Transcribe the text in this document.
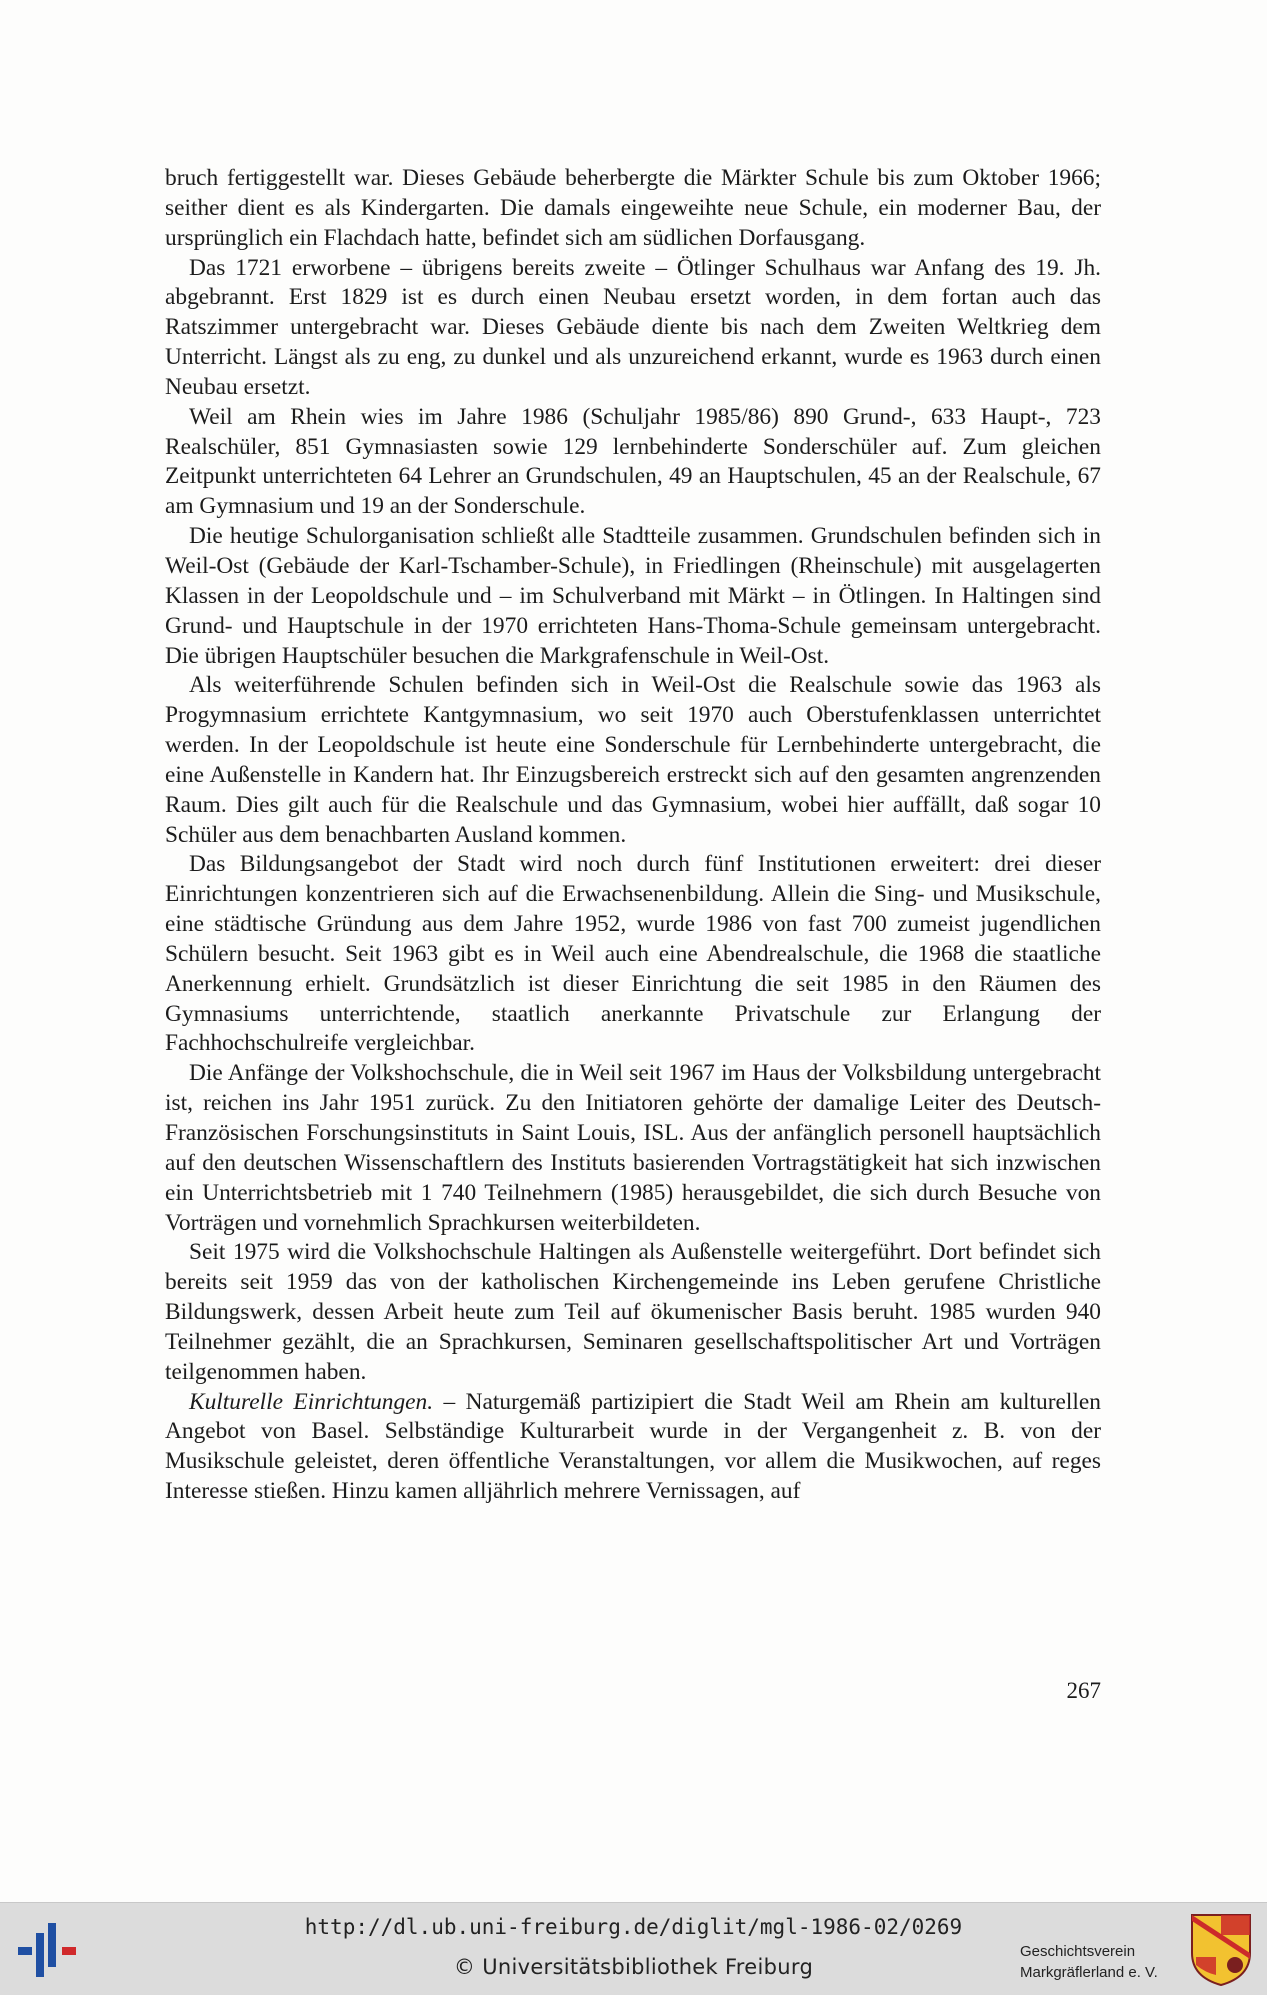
bruch fertiggestellt war. Dieses Gebäude beherbergte die Märkter Schule bis zum Oktober 1966; seither dient es als Kindergarten. Die damals eingeweihte neue Schule, ein moderner Bau, der ursprünglich ein Flachdach hatte, befindet sich am südlichen Dorfausgang.

Das 1721 erworbene – übrigens bereits zweite – Ötlinger Schulhaus war Anfang des 19. Jh. abgebrannt. Erst 1829 ist es durch einen Neubau ersetzt worden, in dem fortan auch das Ratszimmer untergebracht war. Dieses Gebäude diente bis nach dem Zweiten Weltkrieg dem Unterricht. Längst als zu eng, zu dunkel und als unzureichend erkannt, wurde es 1963 durch einen Neubau ersetzt.

Weil am Rhein wies im Jahre 1986 (Schuljahr 1985/86) 890 Grund-, 633 Haupt-, 723 Realschüler, 851 Gymnasiasten sowie 129 lernbehinderte Sonderschüler auf. Zum gleichen Zeitpunkt unterrichteten 64 Lehrer an Grundschulen, 49 an Hauptschulen, 45 an der Realschule, 67 am Gymnasium und 19 an der Sonderschule.

Die heutige Schulorganisation schließt alle Stadtteile zusammen. Grundschulen befinden sich in Weil-Ost (Gebäude der Karl-Tschamber-Schule), in Friedlingen (Rheinschule) mit ausgelagerten Klassen in der Leopoldschule und – im Schulverband mit Märkt – in Ötlingen. In Haltingen sind Grund- und Hauptschule in der 1970 errichteten Hans-Thoma-Schule gemeinsam untergebracht. Die übrigen Hauptschüler besuchen die Markgrafenschule in Weil-Ost.

Als weiterführende Schulen befinden sich in Weil-Ost die Realschule sowie das 1963 als Progymnasium errichtete Kantgymnasium, wo seit 1970 auch Oberstufenklassen unterrichtet werden. In der Leopoldschule ist heute eine Sonderschule für Lernbehinderte untergebracht, die eine Außenstelle in Kandern hat. Ihr Einzugsbereich erstreckt sich auf den gesamten angrenzenden Raum. Dies gilt auch für die Realschule und das Gymnasium, wobei hier auffällt, daß sogar 10 Schüler aus dem benachbarten Ausland kommen.

Das Bildungsangebot der Stadt wird noch durch fünf Institutionen erweitert: drei dieser Einrichtungen konzentrieren sich auf die Erwachsenenbildung. Allein die Sing- und Musikschule, eine städtische Gründung aus dem Jahre 1952, wurde 1986 von fast 700 zumeist jugendlichen Schülern besucht. Seit 1963 gibt es in Weil auch eine Abendrealschule, die 1968 die staatliche Anerkennung erhielt. Grundsätzlich ist dieser Einrichtung die seit 1985 in den Räumen des Gymnasiums unterrichtende, staatlich anerkannte Privatschule zur Erlangung der Fachhochschulreife vergleichbar.

Die Anfänge der Volkshochschule, die in Weil seit 1967 im Haus der Volksbildung untergebracht ist, reichen ins Jahr 1951 zurück. Zu den Initiatoren gehörte der damalige Leiter des Deutsch-Französischen Forschungsinstituts in Saint Louis, ISL. Aus der anfänglich personell hauptsächlich auf den deutschen Wissenschaftlern des Instituts basierenden Vortragstätigkeit hat sich inzwischen ein Unterrichtsbetrieb mit 1 740 Teilnehmern (1985) herausgebildet, die sich durch Besuche von Vorträgen und vornehmlich Sprachkursen weiterbildeten.

Seit 1975 wird die Volkshochschule Haltingen als Außenstelle weitergeführt. Dort befindet sich bereits seit 1959 das von der katholischen Kirchengemeinde ins Leben gerufene Christliche Bildungswerk, dessen Arbeit heute zum Teil auf ökumenischer Basis beruht. 1985 wurden 940 Teilnehmer gezählt, die an Sprachkursen, Seminaren gesellschaftspolitischer Art und Vorträgen teilgenommen haben.

Kulturelle Einrichtungen. – Naturgemäß partizipiert die Stadt Weil am Rhein am kulturellen Angebot von Basel. Selbständige Kulturarbeit wurde in der Vergangenheit z. B. von der Musikschule geleistet, deren öffentliche Veranstaltungen, vor allem die Musikwochen, auf reges Interesse stießen. Hinzu kamen alljährlich mehrere Vernissagen, auf

267
http://dl.ub.uni-freiburg.de/diglit/mgl-1986-02/0269
© Universitätsbibliothek Freiburg
Geschichtsverein
Markgräflerland e. V.
